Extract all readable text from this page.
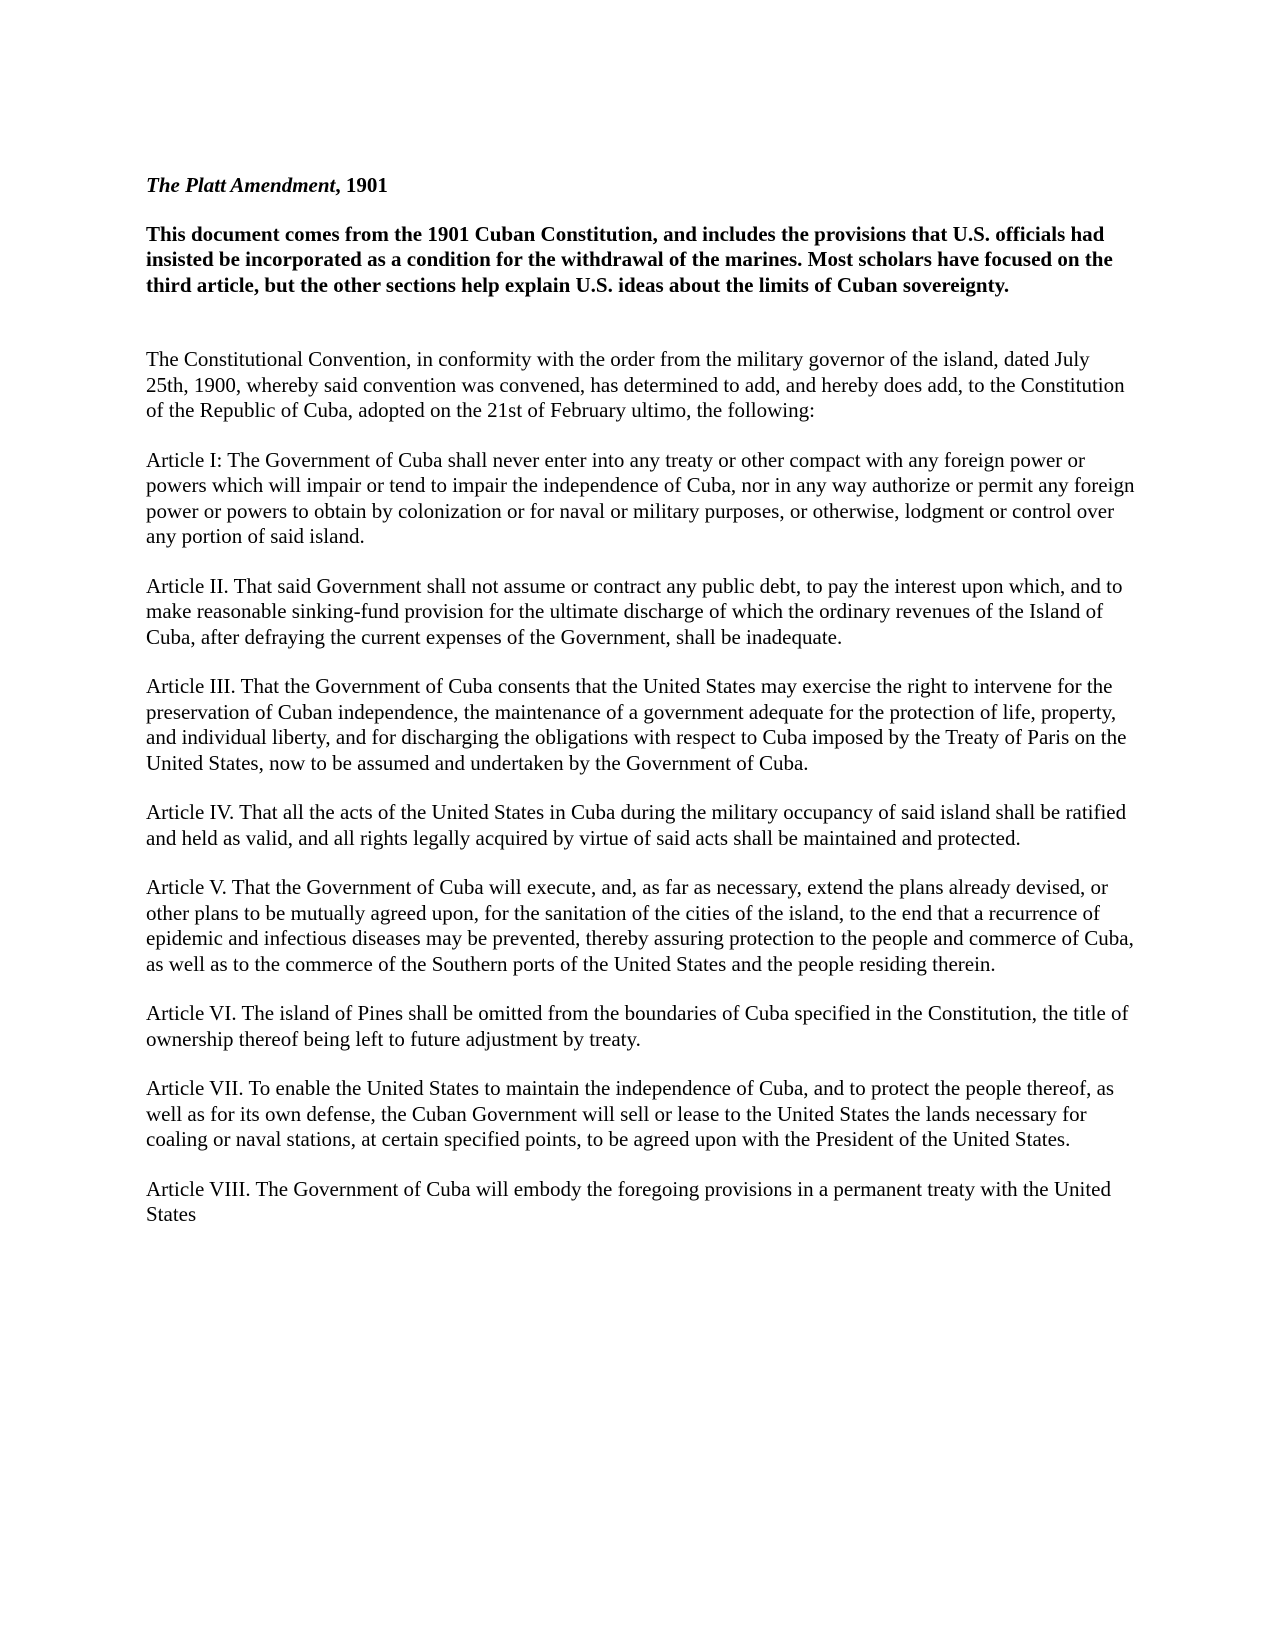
The Platt Amendment, 1901

This document comes from the 1901 Cuban Constitution, and includes the provisions that U.S. officials had insisted be incorporated as a condition for the withdrawal of the marines. Most scholars have focused on the third article, but the other sections help explain U.S. ideas about the limits of Cuban sovereignty.

The Constitutional Convention, in conformity with the order from the military governor of the island, dated July 25th, 1900, whereby said convention was convened, has determined to add, and hereby does add, to the Constitution of the Republic of Cuba, adopted on the 21st of February ultimo, the following:

Article I: The Government of Cuba shall never enter into any treaty or other compact with any foreign power or powers which will impair or tend to impair the independence of Cuba, nor in any way authorize or permit any foreign power or powers to obtain by colonization or for naval or military purposes, or otherwise, lodgment or control over any portion of said island.

Article II. That said Government shall not assume or contract any public debt, to pay the interest upon which, and to make reasonable sinking-fund provision for the ultimate discharge of which the ordinary revenues of the Island of Cuba, after defraying the current expenses of the Government, shall be inadequate.

Article III. That the Government of Cuba consents that the United States may exercise the right to intervene for the preservation of Cuban independence, the maintenance of a government adequate for the protection of life, property, and individual liberty, and for discharging the obligations with respect to Cuba imposed by the Treaty of Paris on the United States, now to be assumed and undertaken by the Government of Cuba.

Article IV. That all the acts of the United States in Cuba during the military occupancy of said island shall be ratified and held as valid, and all rights legally acquired by virtue of said acts shall be maintained and protected.

Article V. That the Government of Cuba will execute, and, as far as necessary, extend the plans already devised, or other plans to be mutually agreed upon, for the sanitation of the cities of the island, to the end that a recurrence of epidemic and infectious diseases may be prevented, thereby assuring protection to the people and commerce of Cuba, as well as to the commerce of the Southern ports of the United States and the people residing therein.

Article VI. The island of Pines shall be omitted from the boundaries of Cuba specified in the Constitution, the title of ownership thereof being left to future adjustment by treaty.

Article VII. To enable the United States to maintain the independence of Cuba, and to protect the people thereof, as well as for its own defense, the Cuban Government will sell or lease to the United States the lands necessary for coaling or naval stations, at certain specified points, to be agreed upon with the President of the United States.

Article VIII. The Government of Cuba will embody the foregoing provisions in a permanent treaty with the United States
